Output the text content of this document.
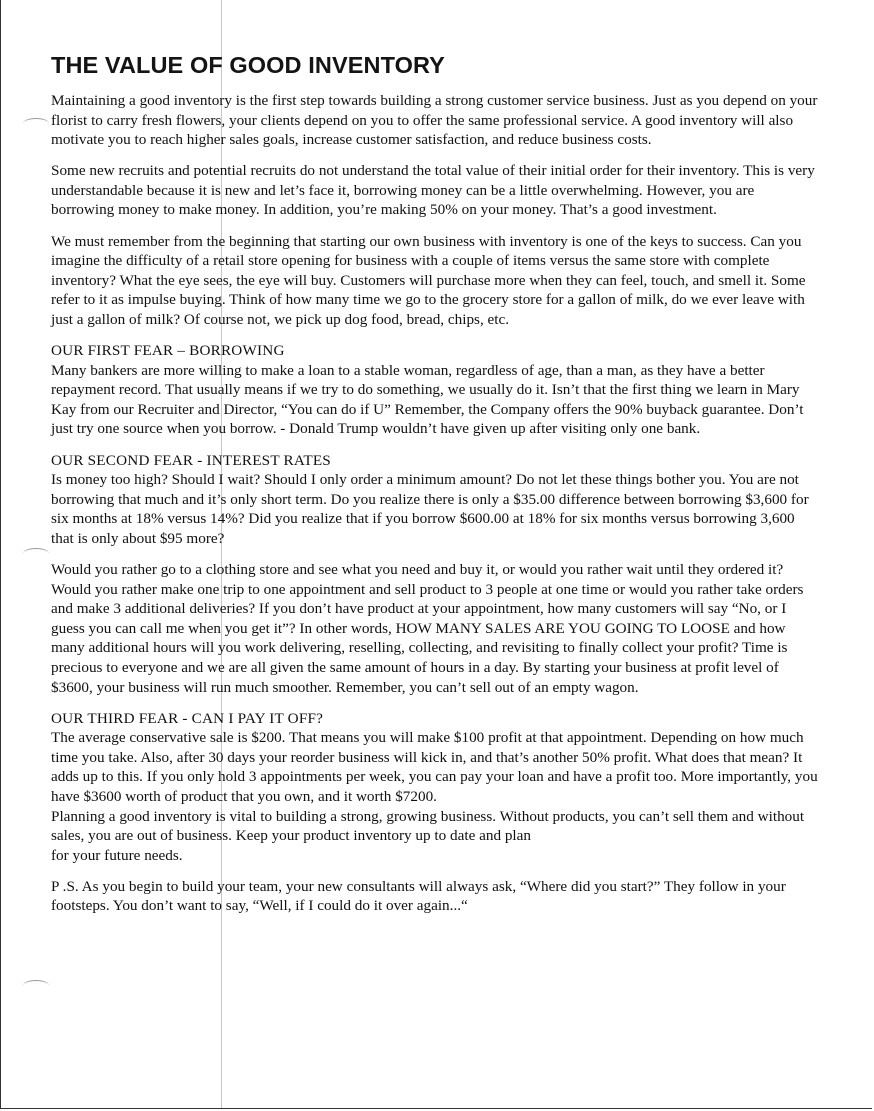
THE VALUE OF GOOD INVENTORY

Maintaining a good inventory is the first step towards building a strong customer service business. Just as you depend on your florist to carry fresh flowers, your clients depend on you to offer the same professional service. A good inventory will also motivate you to reach higher sales goals, increase customer satisfaction, and reduce business costs.

Some new recruits and potential recruits do not understand the total value of their initial order for their inventory. This is very understandable because it is new and let’s face it, borrowing money can be a little overwhelming. However, you are borrowing money to make money. In addition, you’re making 50% on your money. That’s a good investment.

We must remember from the beginning that starting our own business with inventory is one of the keys to success. Can you imagine the difficulty of a retail store opening for business with a couple of items versus the same store with complete inventory? What the eye sees, the eye will buy. Customers will purchase more when they can feel, touch, and smell it. Some refer to it as impulse buying. Think of how many time we go to the grocery store for a gallon of milk, do we ever leave with just a gallon of milk? Of course not, we pick up dog food, bread, chips, etc.

OUR FIRST FEAR – BORROWING

Many bankers are more willing to make a loan to a stable woman, regardless of age, than a man, as they have a better repayment record. That usually means if we try to do something, we usually do it. Isn’t that the first thing we learn in Mary Kay from our Recruiter and Director, “You can do if U” Remember, the Company offers the 90% buyback guarantee. Don’t just try one source when you borrow. - Donald Trump wouldn’t have given up after visiting only one bank.

OUR SECOND FEAR - INTEREST RATES

Is money too high? Should I wait? Should I only order a minimum amount? Do not let these things bother you. You are not borrowing that much and it’s only short term. Do you realize there is only a $35.00 difference between borrowing $3,600 for six months at 18% versus 14%? Did you realize that if you borrow $600.00 at 18% for six months versus borrowing 3,600 that is only about $95 more?

Would you rather go to a clothing store and see what you need and buy it, or would you rather wait until they ordered it? Would you rather make one trip to one appointment and sell product to 3 people at one time or would you rather take orders and make 3 additional deliveries? If you don’t have product at your appointment, how many customers will say “No, or I guess you can call me when you get it”? In other words, HOW MANY SALES ARE YOU GOING TO LOOSE and how many additional hours will you work delivering, reselling, collecting, and revisiting to finally collect your profit? Time is precious to everyone and we are all given the same amount of hours in a day. By starting your business at profit level of $3600, your business will run much smoother. Remember, you can’t sell out of an empty wagon.

OUR THIRD FEAR - CAN I PAY IT OFF?

The average conservative sale is $200. That means you will make $100 profit at that appointment. Depending on how much time you take. Also, after 30 days your reorder business will kick in, and that’s another 50% profit. What does that mean? It adds up to this. If you only hold 3 appointments per week, you can pay your loan and have a profit too. More importantly, you have $3600 worth of product that you own, and it worth $7200.

Planning a good inventory is vital to building a strong, growing business. Without products, you can’t sell them and without sales, you are out of business. Keep your product inventory up to date and plan

for your future needs.

P .S. As you begin to build your team, your new consultants will always ask, “Where did you start?” They follow in your footsteps. You don’t want to say, “Well, if I could do it over again...“
